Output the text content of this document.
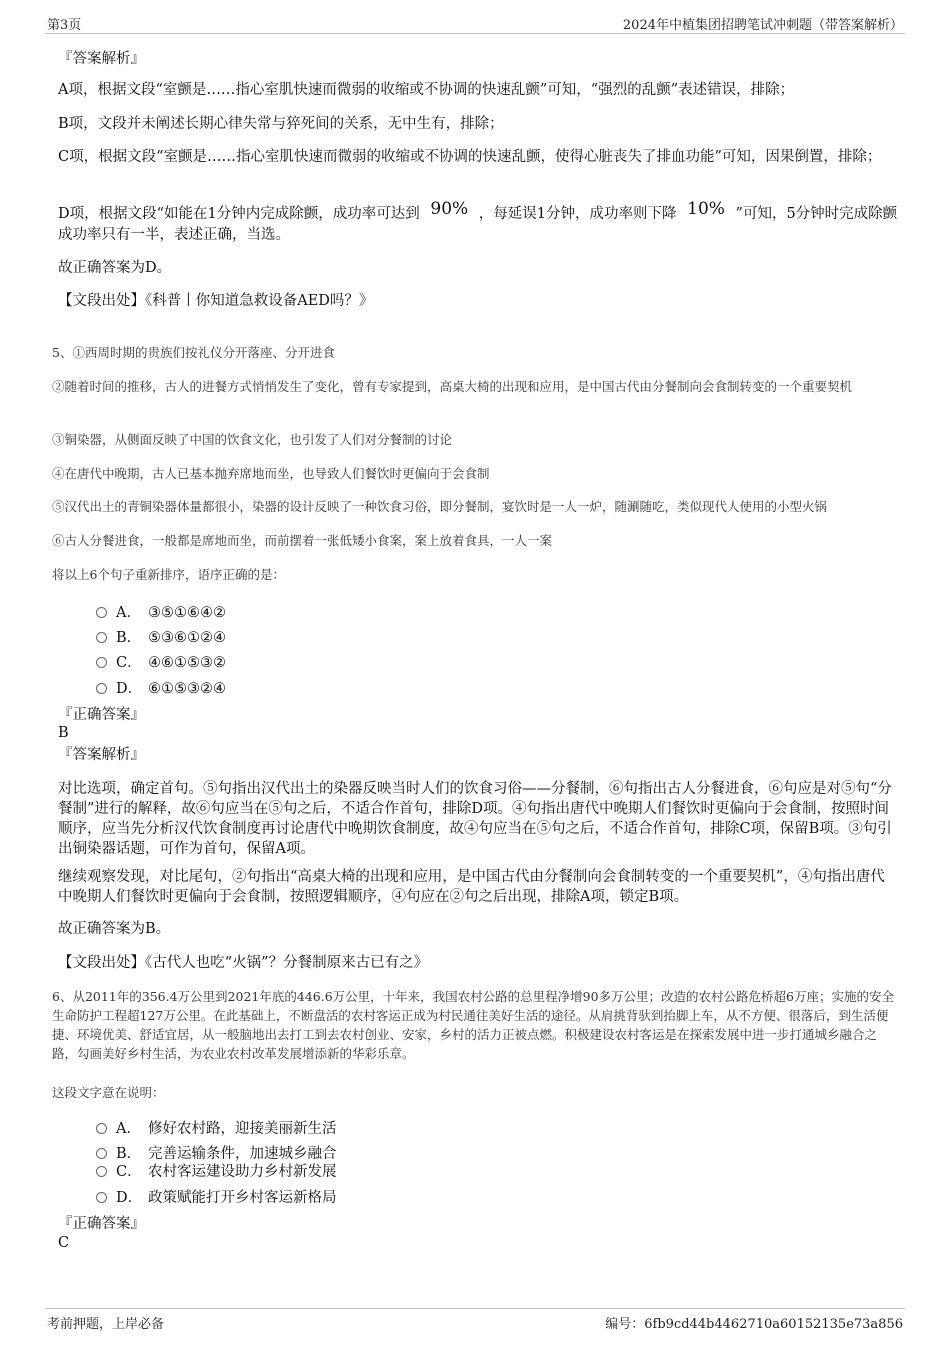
第3页	2024年中植集团招聘笔试冲刺题（带答案解析）
『答案解析』
A项，根据文段“室颤是……指心室肌快速而微弱的收缩或不协调的快速乱颤”可知，“强烈的乱颤”表述错误，排除；
B项，文段并未阐述长期心律失常与猝死间的关系，无中生有，排除；
C项，根据文段“室颤是……指心室肌快速而微弱的收缩或不协调的快速乱颤，使得心脏丧失了排血功能”可知，因果倒置，排除；
D项，根据文段“如能在1分钟内完成除颤，成功率可达到 90% ，每延误1分钟，成功率则下降 10% ”可知，5分钟时完成除颤
成功率只有一半，表述正确，当选。
故正确答案为D。
【文段出处】《科普丨你知道急救设备AED吗？》
5、①西周时期的贵族们按礼仪分开落座、分开进食
②随着时间的推移，古人的进餐方式悄悄发生了变化，曾有专家提到，高桌大椅的出现和应用，是中国古代由分餐制向会食制转变的一个重要契机
③铜染器，从侧面反映了中国的饮食文化，也引发了人们对分餐制的讨论
④在唐代中晚期，古人已基本抛弃席地而坐，也导致人们餐饮时更偏向于会食制
⑤汉代出土的青铜染器体量都很小，染器的设计反映了一种饮食习俗，即分餐制，宴饮时是一人一炉，随涮随吃，类似现代人使用的小型火锅
⑥古人分餐进食，一般都是席地而坐，而前摆着一张低矮小食案，案上放着食具，一人一案
将以上6个句子重新排序，语序正确的是：
A． ③⑤①⑥④②
B． ⑤③⑥①②④
C． ④⑥①⑤③②
D． ⑥①⑤③②④
『正确答案』
B
『答案解析』
对比选项，确定首句。⑤句指出汉代出土的染器反映当时人们的饮食习俗——分餐制，⑥句指出古人分餐进食，⑥句应是对⑤句“分餐制”进行的解释，故⑥句应当在⑤句之后，不适合作首句，排除D项。④句指出唐代中晚期人们餐饮时更偏向于会食制，按照时间顺序，应当先分析汉代饮食制度再讨论唐代中晚期饮食制度，故④句应当在⑤句之后，不适合作首句，排除C项，保留B项。③句引出铜染器话题，可作为首句，保留A项。
继续观察发现，对比尾句，②句指出“高桌大椅的出现和应用，是中国古代由分餐制向会食制转变的一个重要契机”，④句指出唐代中晚期人们餐饮时更偏向于会食制，按照逻辑顺序，④句应在②句之后出现，排除A项，锁定B项。
故正确答案为B。
【文段出处】《古代人也吃“火锅”？分餐制原来古已有之》
6、从2011年的356.4万公里到2021年底的446.6万公里，十年来，我国农村公路的总里程净增90多万公里；改造的农村公路危桥超6万座；实施的安全生命防护工程超127万公里。在此基础上，不断盘活的农村客运正成为村民通往美好生活的途径。从肩挑背驮到抬脚上车，从不方便、很落后，到生活便捷、环境优美、舒适宜居，从一般脑地出去打工到去农村创业、安家，乡村的活力正被点燃。积极建设农村客运是在探索发展中进一步打通城乡融合之路，勾画美好乡村生活，为农业农村改革发展增添新的华彩乐章。
这段文字意在说明：
A． 修好农村路，迎接美丽新生活
B． 完善运输条件，加速城乡融合
C． 农村客运建设助力乡村新发展
D． 政策赋能打开乡村客运新格局
『正确答案』
C
考前押题，上岸必备	编号：6fb9cd44b4462710a60152135e73a856
